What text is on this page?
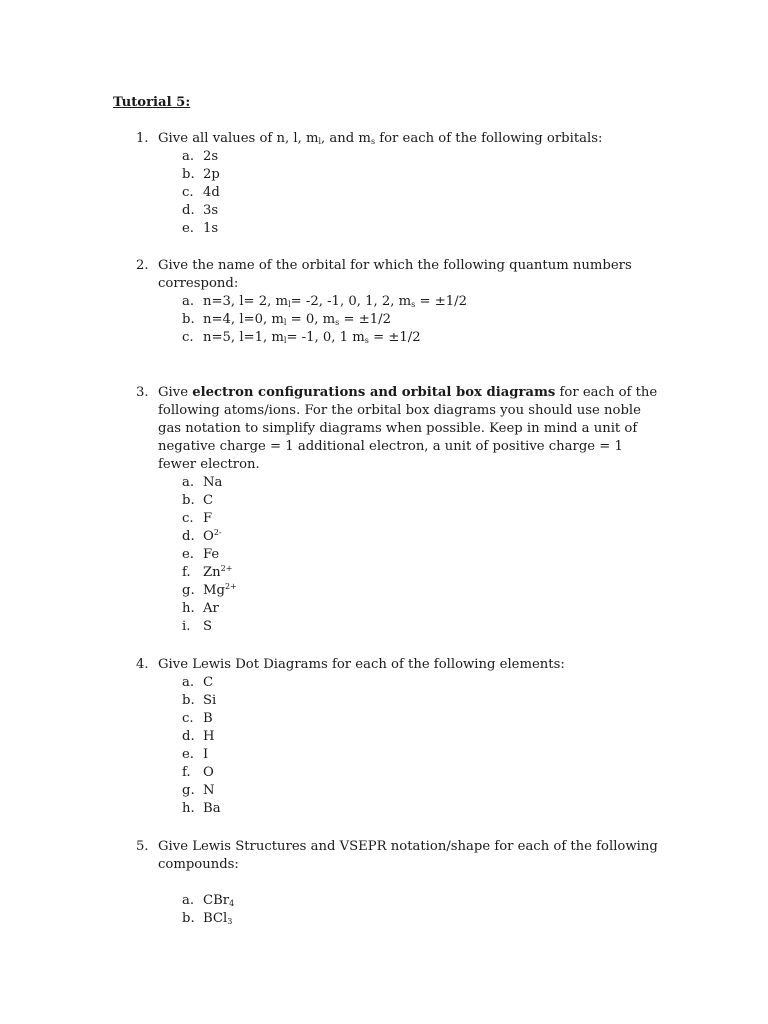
Tutorial 5:
1. Give all values of n, l, $m_l$, and $m_s$ for each of the following orbitals:
a. 2s
b. 2p
c. 4d
d. 3s
e. 1s
2. Give the name of the orbital for which the following quantum numbers correspond:
a. n=3, l= 2, $m_l= -2$, -1, 0, 1, 2, $m_s = \pm 1/2$
b. n=4, l=0, $m_l = 0$, $m_s = \pm 1/2$
c. n=5, l=1, $m_l= -1$, 0, 1 $m_s = \pm 1/2$
3. Give electron configurations and orbital box diagrams for each of the following atoms/ions. For the orbital box diagrams you should use noble gas notation to simplify diagrams when possible. Keep in mind a unit of negative charge = 1 additional electron, a unit of positive charge = 1 fewer electron.
a. Na
b. C
c. F
d. $O^{2-}$
e. Fe
f. $Zn^{2+}$
g. $Mg^{2+}$
h. Ar
i. S
4. Give Lewis Dot Diagrams for each of the following elements:
a. C
b. Si
c. B
d. H
e. I
f. O
g. N
h. Ba
5. Give Lewis Structures and VSEPR notation/shape for each of the following compounds:
a. CBr$_4$
b. BCl$_3$
